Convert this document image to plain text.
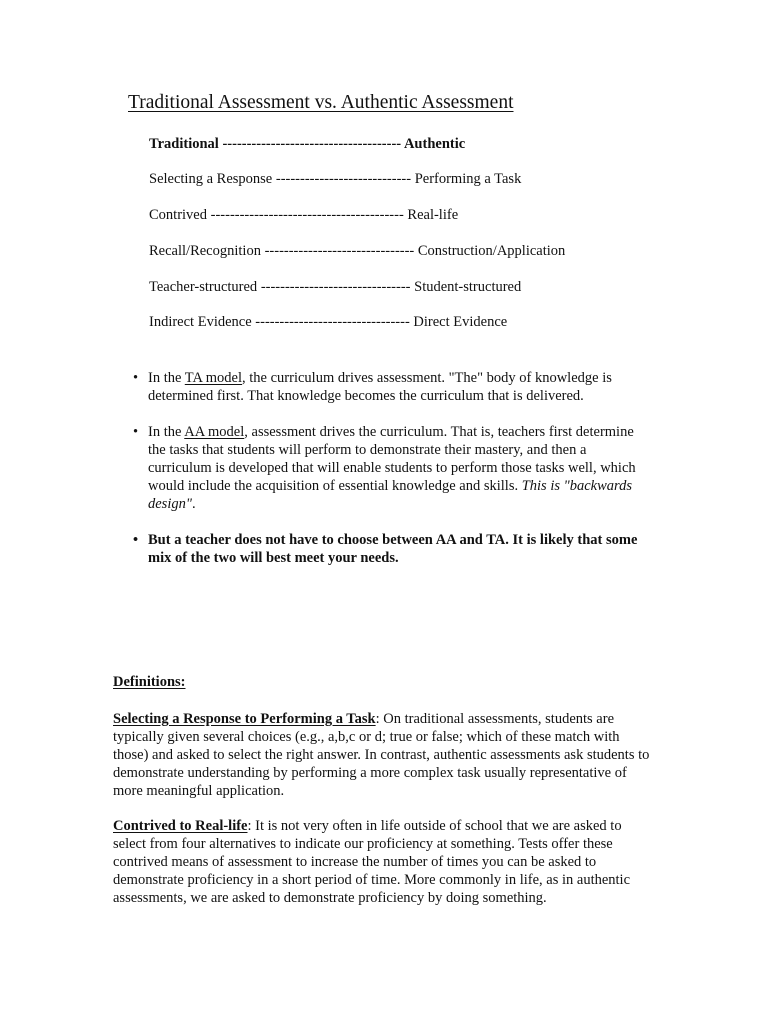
Traditional Assessment vs. Authentic Assessment
Traditional ------------------------------------- Authentic
Selecting a Response ---------------------------- Performing a Task
Contrived ---------------------------------------- Real-life
Recall/Recognition ------------------------------- Construction/Application
Teacher-structured ------------------------------- Student-structured
Indirect Evidence -------------------------------- Direct Evidence
• In the TA model, the curriculum drives assessment. "The" body of knowledge is determined first. That knowledge becomes the curriculum that is delivered.
• In the AA model, assessment drives the curriculum. That is, teachers first determine the tasks that students will perform to demonstrate their mastery, and then a curriculum is developed that will enable students to perform those tasks well, which would include the acquisition of essential knowledge and skills. This is "backwards design".
• But a teacher does not have to choose between AA and TA. It is likely that some mix of the two will best meet your needs.
Definitions:
Selecting a Response to Performing a Task: On traditional assessments, students are typically given several choices (e.g., a,b,c or d; true or false; which of these match with those) and asked to select the right answer. In contrast, authentic assessments ask students to demonstrate understanding by performing a more complex task usually representative of more meaningful application.
Contrived to Real-life: It is not very often in life outside of school that we are asked to select from four alternatives to indicate our proficiency at something. Tests offer these contrived means of assessment to increase the number of times you can be asked to demonstrate proficiency in a short period of time. More commonly in life, as in authentic assessments, we are asked to demonstrate proficiency by doing something.
